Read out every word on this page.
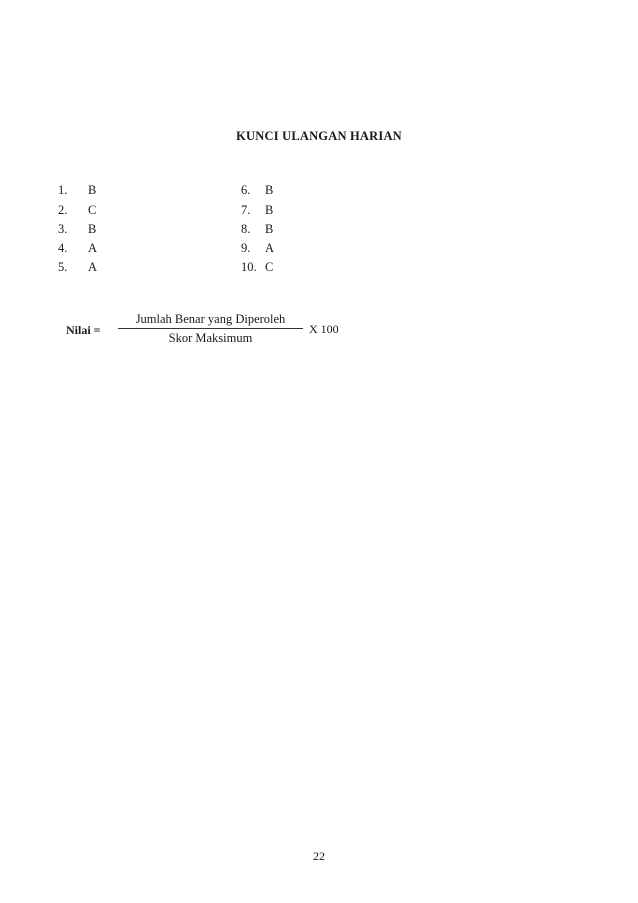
KUNCI ULANGAN HARIAN
1. B
2. C
3. B
4. A
5. A
6. B
7. B
8. B
9. A
10. C
Nilai =
Jumlah Benar yang Diperoleh
Skor Maksimum
X 100
22
